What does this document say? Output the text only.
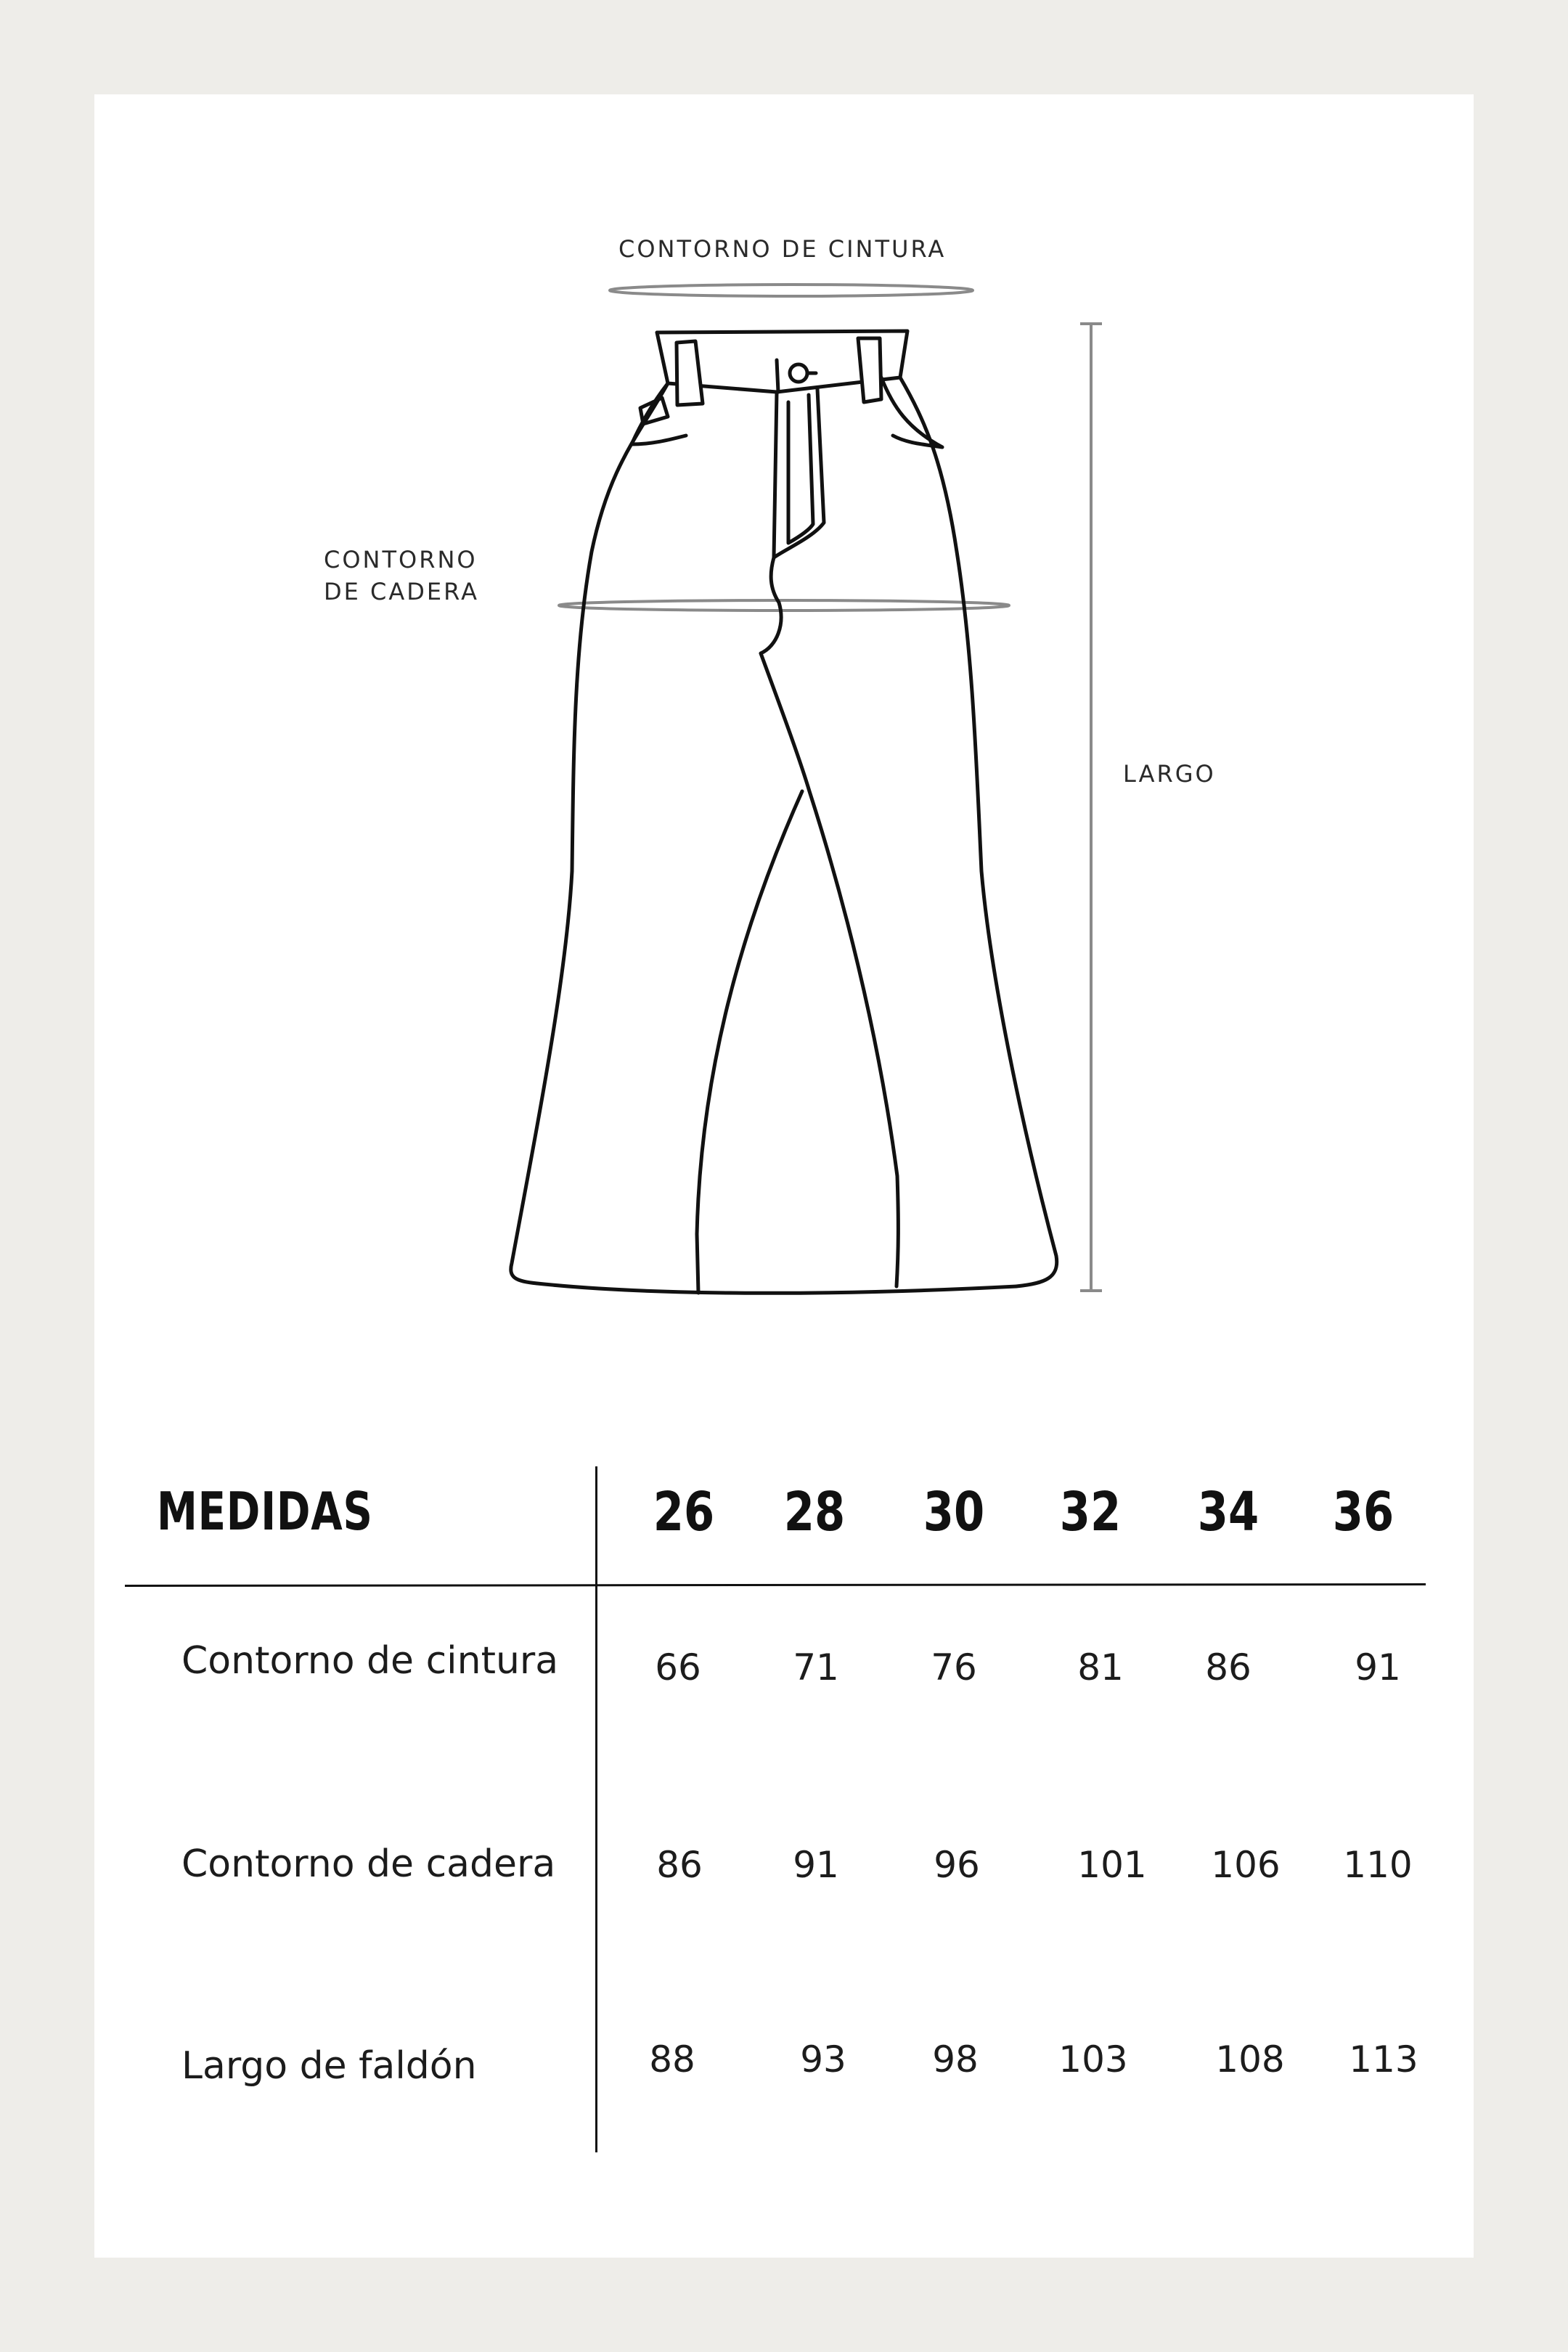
CONTORNO DE CINTURA
CONTORNO
DE CADERA
LARGO
MEDIDAS	26 28 30 32 34 36
Contorno de cintura	66	71	76	81	86	91
Contorno de cadera	86	91	96	101	106	110
Largo de faldón	88	93	98	103	108	113
